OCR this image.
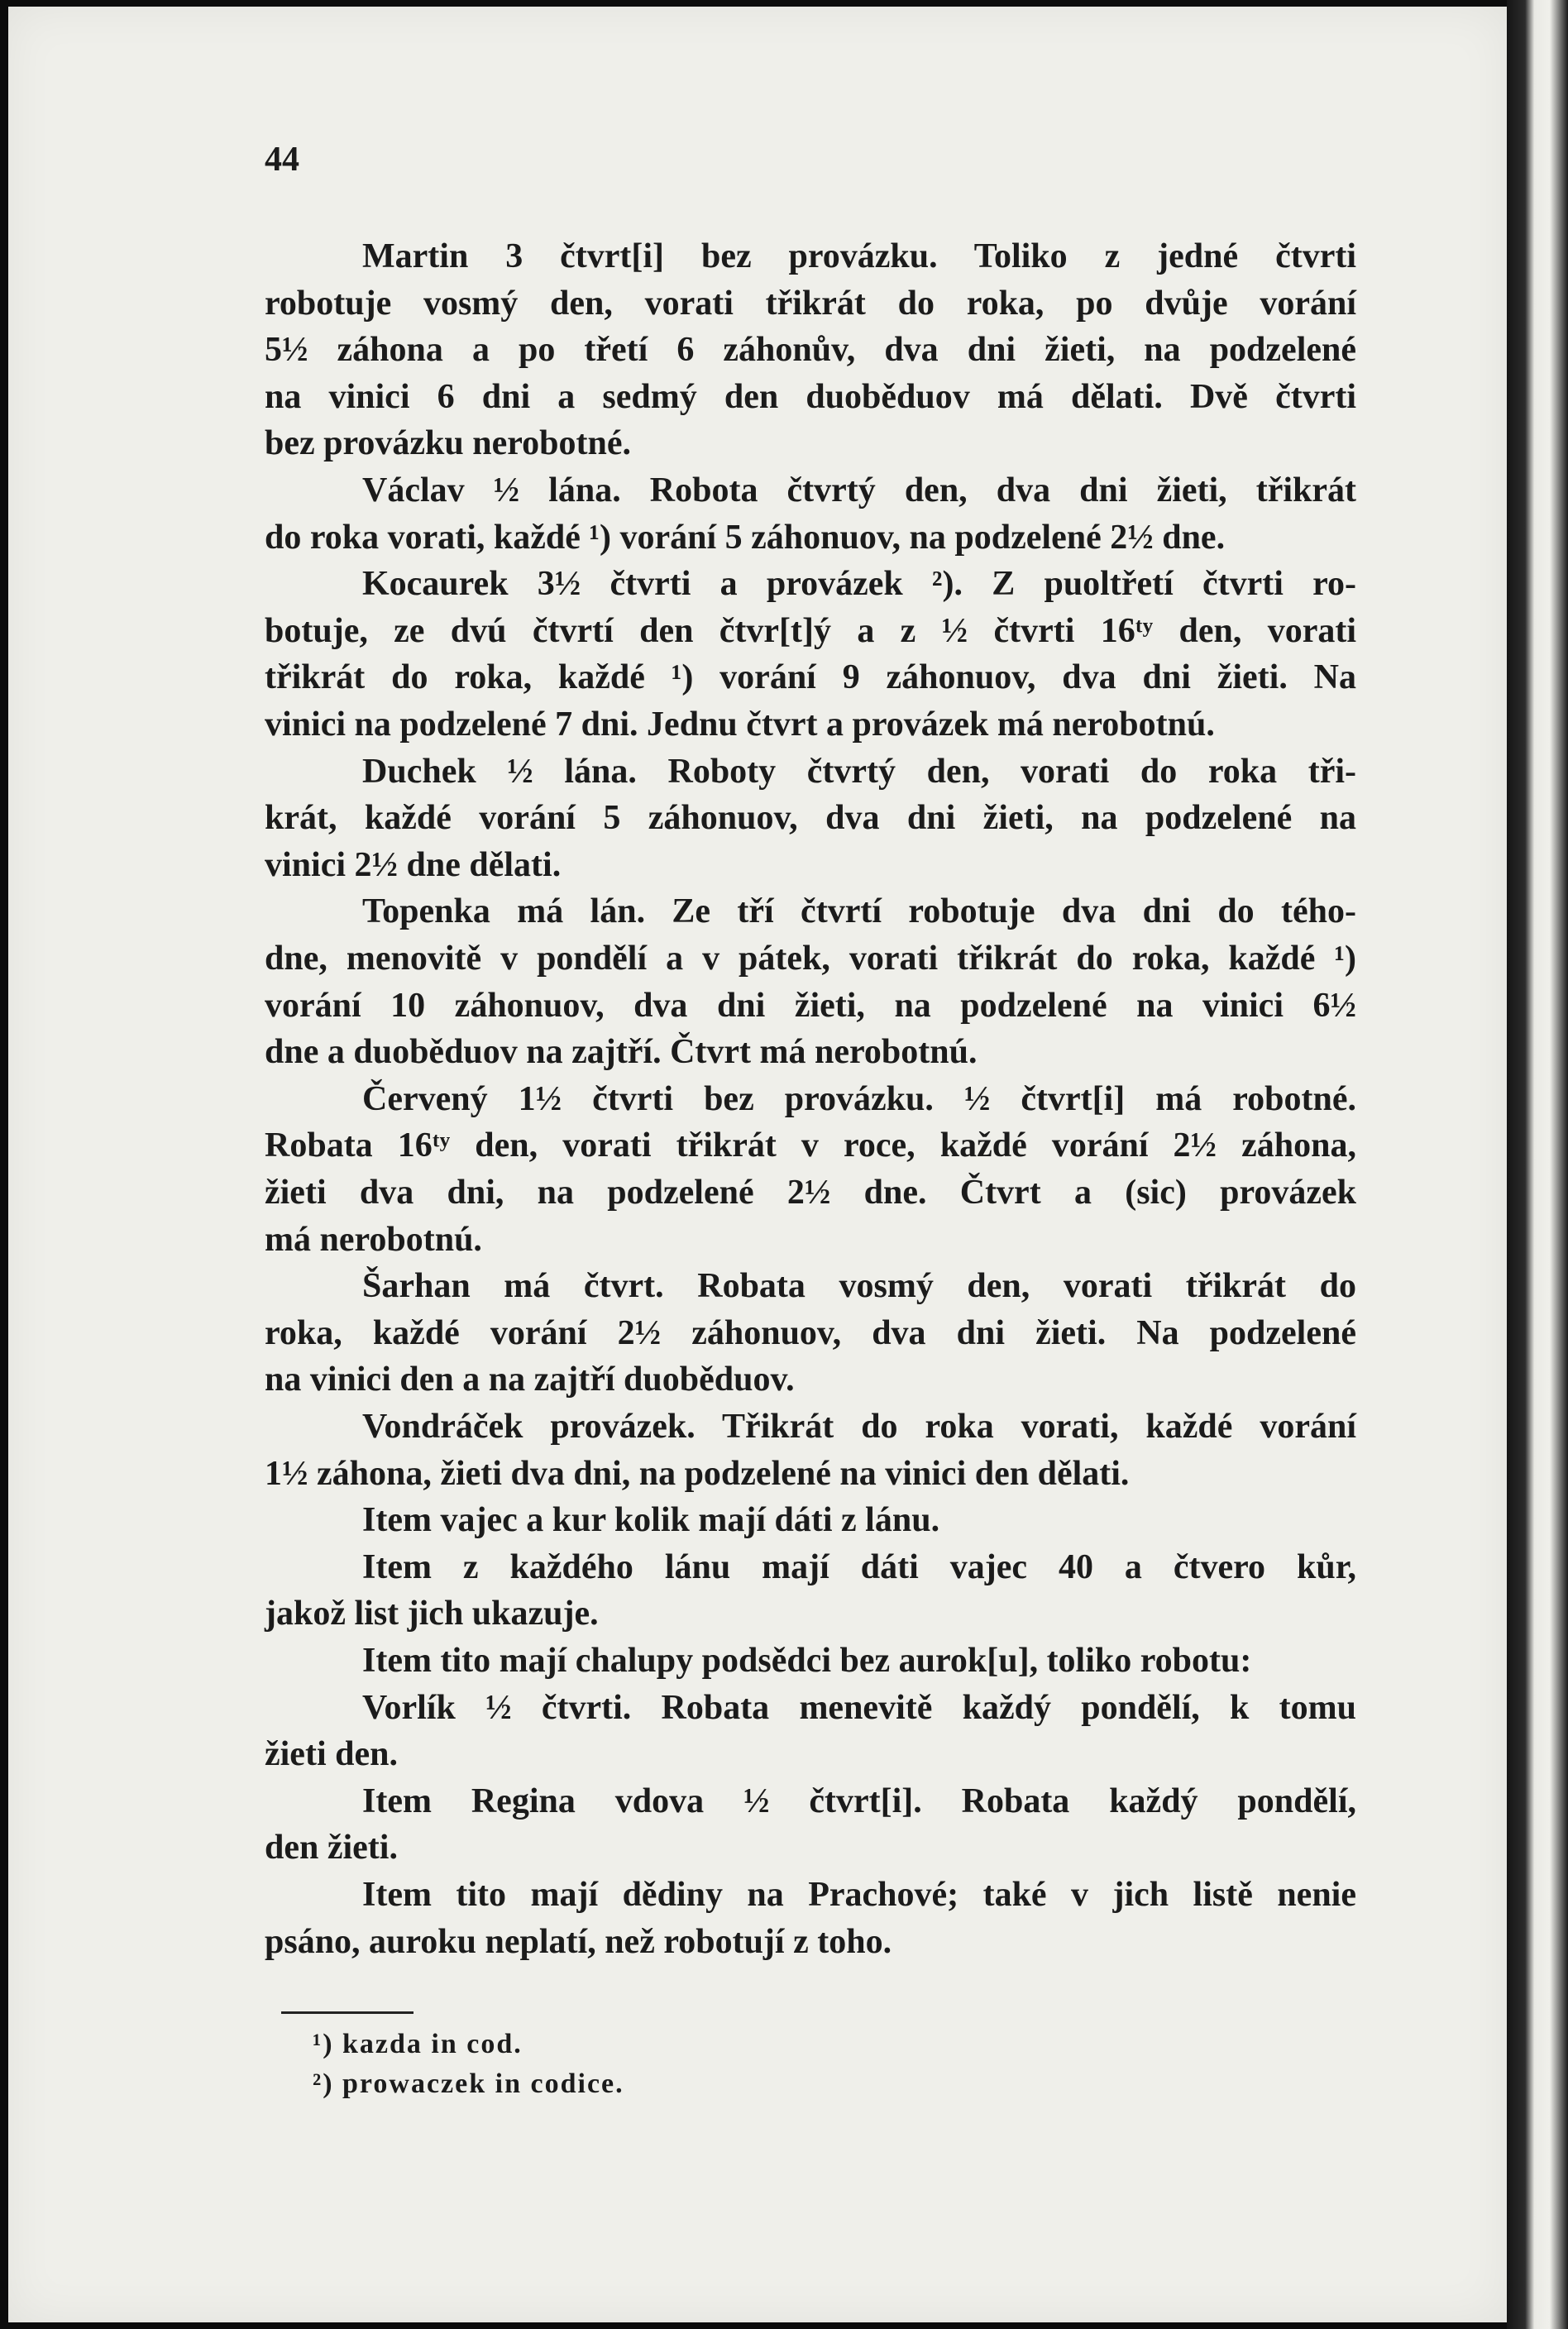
44
Martin 3 čtvrt[i] bez provázku. Toliko z jedné čtvrti
robotuje vosmý den, vorati třikrát do roka, po dvůje vorání
5½ záhona a po třetí 6 záhonův, dva dni žieti, na podzelené
na vinici 6 dni a sedmý den duoběduov má dělati. Dvě čtvrti
bez provázku nerobotné.
Václav ½ lána. Robota čtvrtý den, dva dni žieti, třikrát
do roka vorati, každé ¹) vorání 5 záhonuov, na podzelené 2½ dne.
Kocaurek 3½ čtvrti a provázek ²). Z puoltřetí čtvrti ro-
botuje, ze dvú čtvrtí den čtvr[t]ý a z ½ čtvrti 16ᵗʸ den, vorati
třikrát do roka, každé ¹) vorání 9 záhonuov, dva dni žieti. Na
vinici na podzelené 7 dni. Jednu čtvrt a provázek má nerobotnú.
Duchek ½ lána. Roboty čtvrtý den, vorati do roka tři-
krát, každé vorání 5 záhonuov, dva dni žieti, na podzelené na
vinici 2½ dne dělati.
Topenka má lán. Ze tří čtvrtí robotuje dva dni do tého-
dne, menovitě v pondělí a v pátek, vorati třikrát do roka, každé ¹)
vorání 10 záhonuov, dva dni žieti, na podzelené na vinici 6½
dne a duoběduov na zajtří. Čtvrt má nerobotnú.
Červený 1½ čtvrti bez provázku. ½ čtvrt[i] má robotné.
Robata 16ᵗʸ den, vorati třikrát v roce, každé vorání 2½ záhona,
žieti dva dni, na podzelené 2½ dne. Čtvrt a (sic) provázek
má nerobotnú.
Šarhan má čtvrt. Robata vosmý den, vorati třikrát do
roka, každé vorání 2½ záhonuov, dva dni žieti. Na podzelené
na vinici den a na zajtří duoběduov.
Vondráček provázek. Třikrát do roka vorati, každé vorání
1½ záhona, žieti dva dni, na podzelené na vinici den dělati.
Item vajec a kur kolik mají dáti z lánu.
Item z každého lánu mají dáti vajec 40 a čtvero kůr,
jakož list jich ukazuje.
Item tito mají chalupy podsědci bez aurok[u], toliko robotu:
Vorlík ½ čtvrti. Robata menevitě každý pondělí, k tomu
žieti den.
Item Regina vdova ½ čtvrt[i]. Robata každý pondělí,
den žieti.
Item tito mají dědiny na Prachové; také v jich listě nenie
psáno, auroku neplatí, než robotují z toho.
¹) kazda in cod.
²) prowaczek in codice.
